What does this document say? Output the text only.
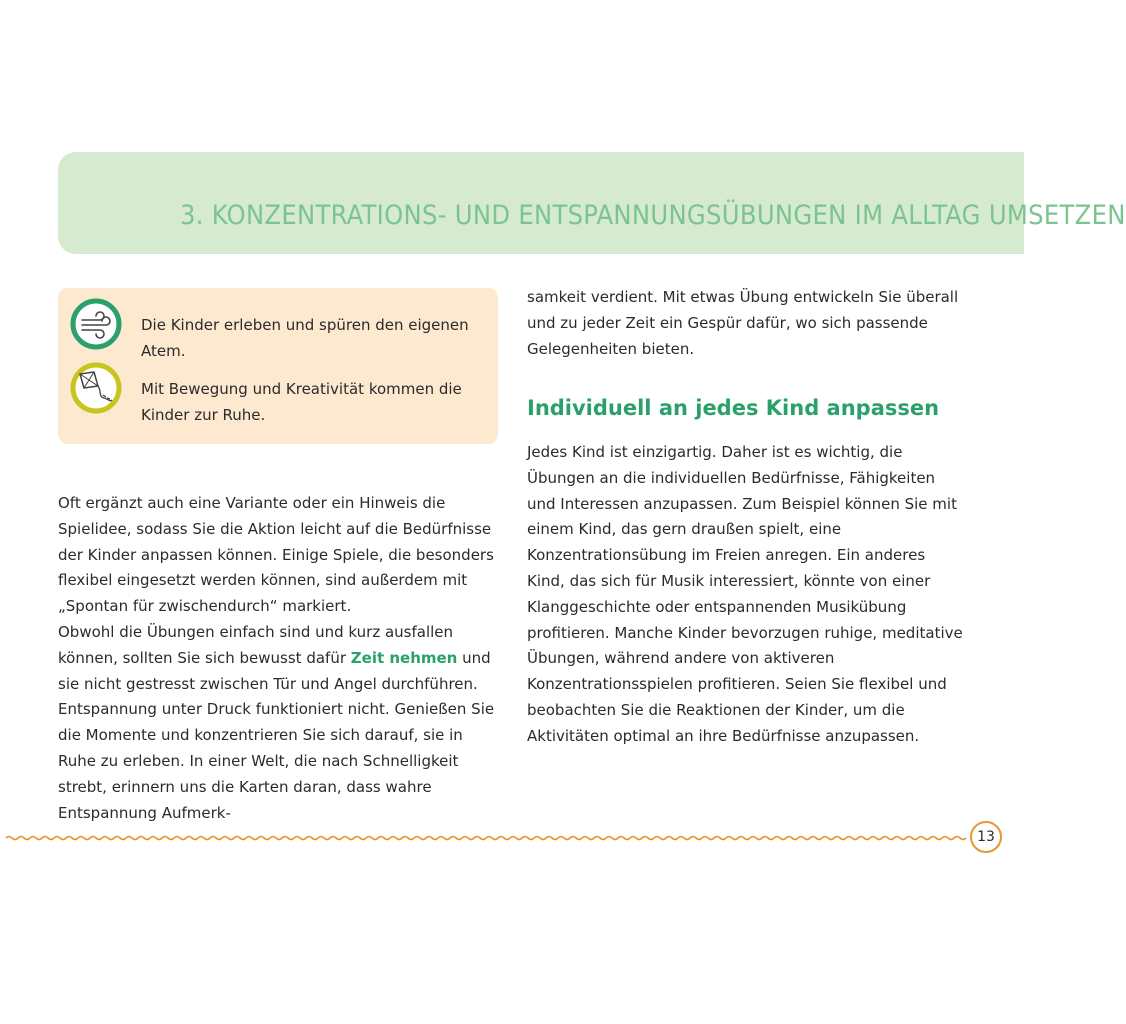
3. KONZENTRATIONS- UND ENTSPANNUNGSÜBUNGEN IM ALLTAG UMSETZEN
Die Kinder erleben und spüren den eigenen Atem.
Mit Bewegung und Kreativität kommen die Kinder zur Ruhe.

Oft ergänzt auch eine Variante oder ein Hinweis die Spielidee, sodass Sie die Aktion leicht auf die Bedürfnisse der Kinder anpassen können. Einige Spiele, die besonders flexibel eingesetzt werden können, sind außerdem mit „Spontan für zwischendurch“ markiert.

Obwohl die Übungen einfach sind und kurz ausfallen können, sollten Sie sich bewusst dafür Zeit nehmen und sie nicht gestresst zwischen Tür und Angel durchführen. Entspannung unter Druck funktioniert nicht. Genießen Sie die Momente und konzentrieren Sie sich darauf, sie in Ruhe zu erleben. In einer Welt, die nach Schnelligkeit strebt, erinnern uns die Karten daran, dass wahre Entspannung Aufmerk-

samkeit verdient. Mit etwas Übung entwickeln Sie überall und zu jeder Zeit ein Gespür dafür, wo sich passende Gelegenheiten bieten.

Individuell an jedes Kind anpassen

Jedes Kind ist einzigartig. Daher ist es wichtig, die Übungen an die individuellen Bedürfnisse, Fähigkeiten und Interessen anzupassen. Zum Beispiel können Sie mit einem Kind, das gern draußen spielt, eine Konzentrationsübung im Freien anregen. Ein anderes Kind, das sich für Musik interessiert, könnte von einer Klanggeschichte oder entspannenden Musikübung profitieren. Manche Kinder bevorzugen ruhige, meditative Übungen, während andere von aktiveren Konzentrationsspielen profitieren. Seien Sie flexibel und beobachten Sie die Reaktionen der Kinder, um die Aktivitäten optimal an ihre Bedürfnisse anzupassen.

13
